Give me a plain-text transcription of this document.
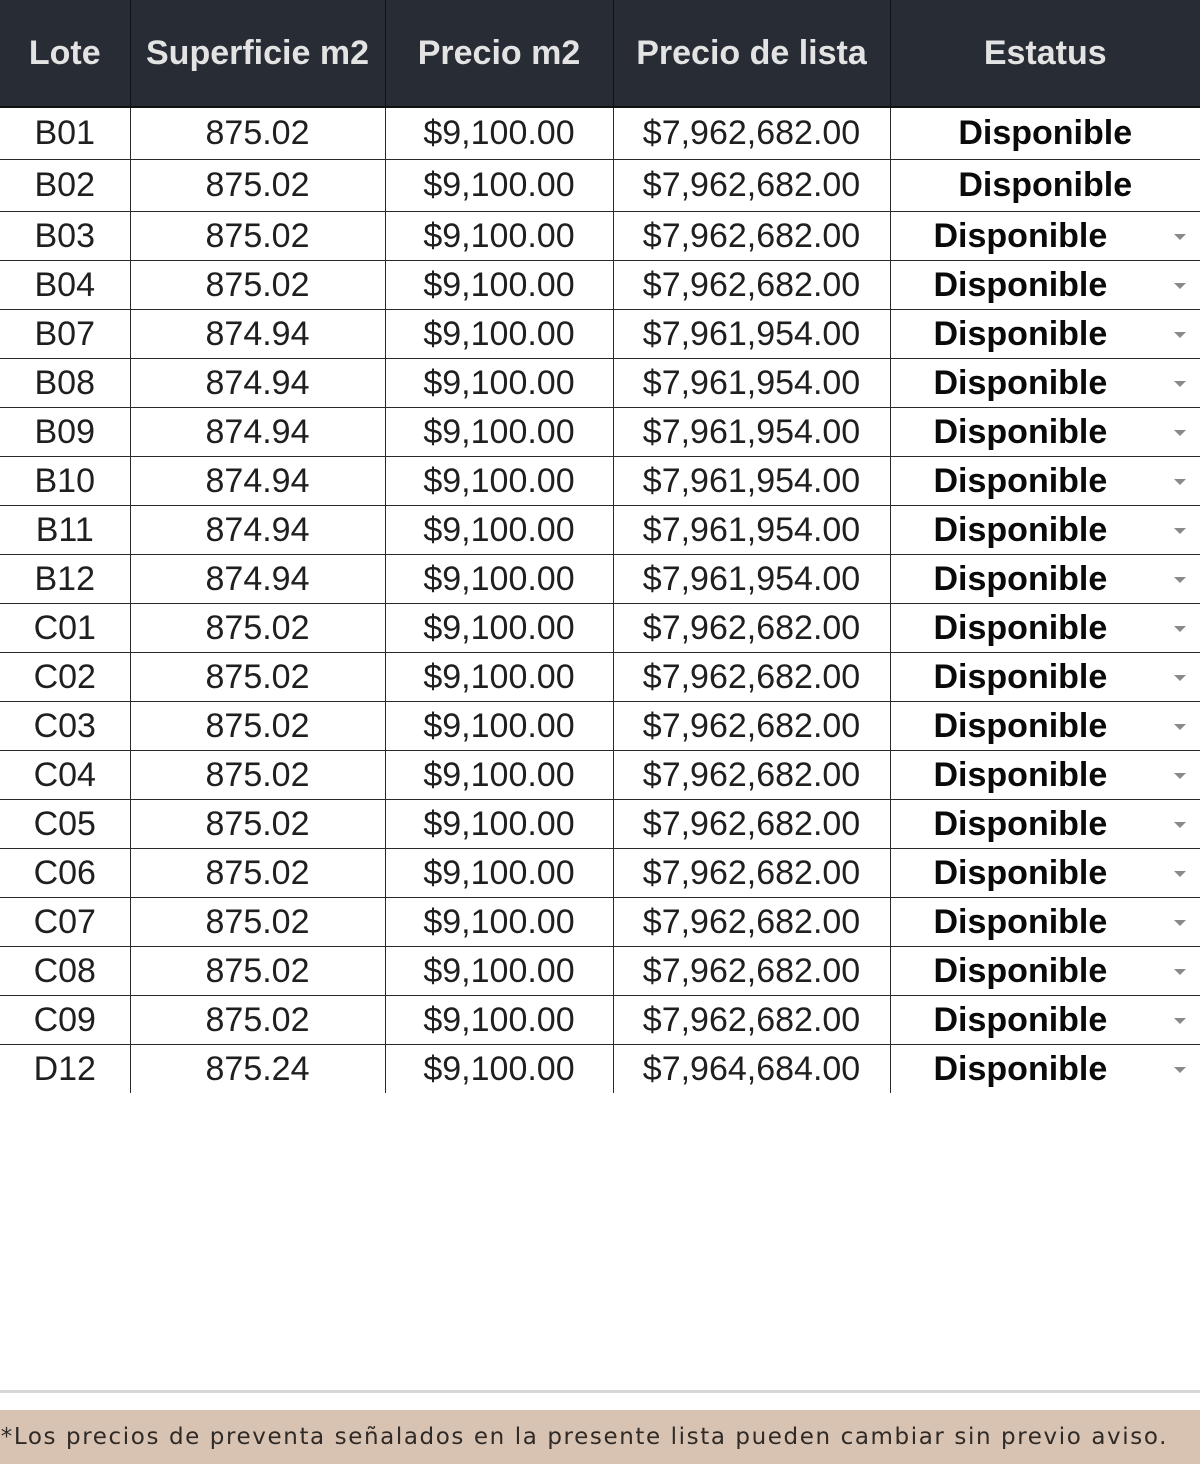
Lote	Superficie m2	Precio m2	Precio de lista	Estatus
B01	875.02	$9,100.00	$7,962,682.00	Disponible
B02	875.02	$9,100.00	$7,962,682.00	Disponible
B03	875.02	$9,100.00	$7,962,682.00	Disponible

B04	875.02	$9,100.00	$7,962,682.00	Disponible

B07	874.94	$9,100.00	$7,961,954.00	Disponible

B08	874.94	$9,100.00	$7,961,954.00	Disponible

B09	874.94	$9,100.00	$7,961,954.00	Disponible

B10	874.94	$9,100.00	$7,961,954.00	Disponible

B11	874.94	$9,100.00	$7,961,954.00	Disponible

B12	874.94	$9,100.00	$7,961,954.00	Disponible

C01	875.02	$9,100.00	$7,962,682.00	Disponible

C02	875.02	$9,100.00	$7,962,682.00	Disponible

C03	875.02	$9,100.00	$7,962,682.00	Disponible

C04	875.02	$9,100.00	$7,962,682.00	Disponible

C05	875.02	$9,100.00	$7,962,682.00	Disponible

C06	875.02	$9,100.00	$7,962,682.00	Disponible

C07	875.02	$9,100.00	$7,962,682.00	Disponible

C08	875.02	$9,100.00	$7,962,682.00	Disponible

C09	875.02	$9,100.00	$7,962,682.00	Disponible

D12	875.24	$9,100.00	$7,964,684.00	Disponible
*Los precios de preventa señalados en la presente lista pueden cambiar sin previo aviso.
